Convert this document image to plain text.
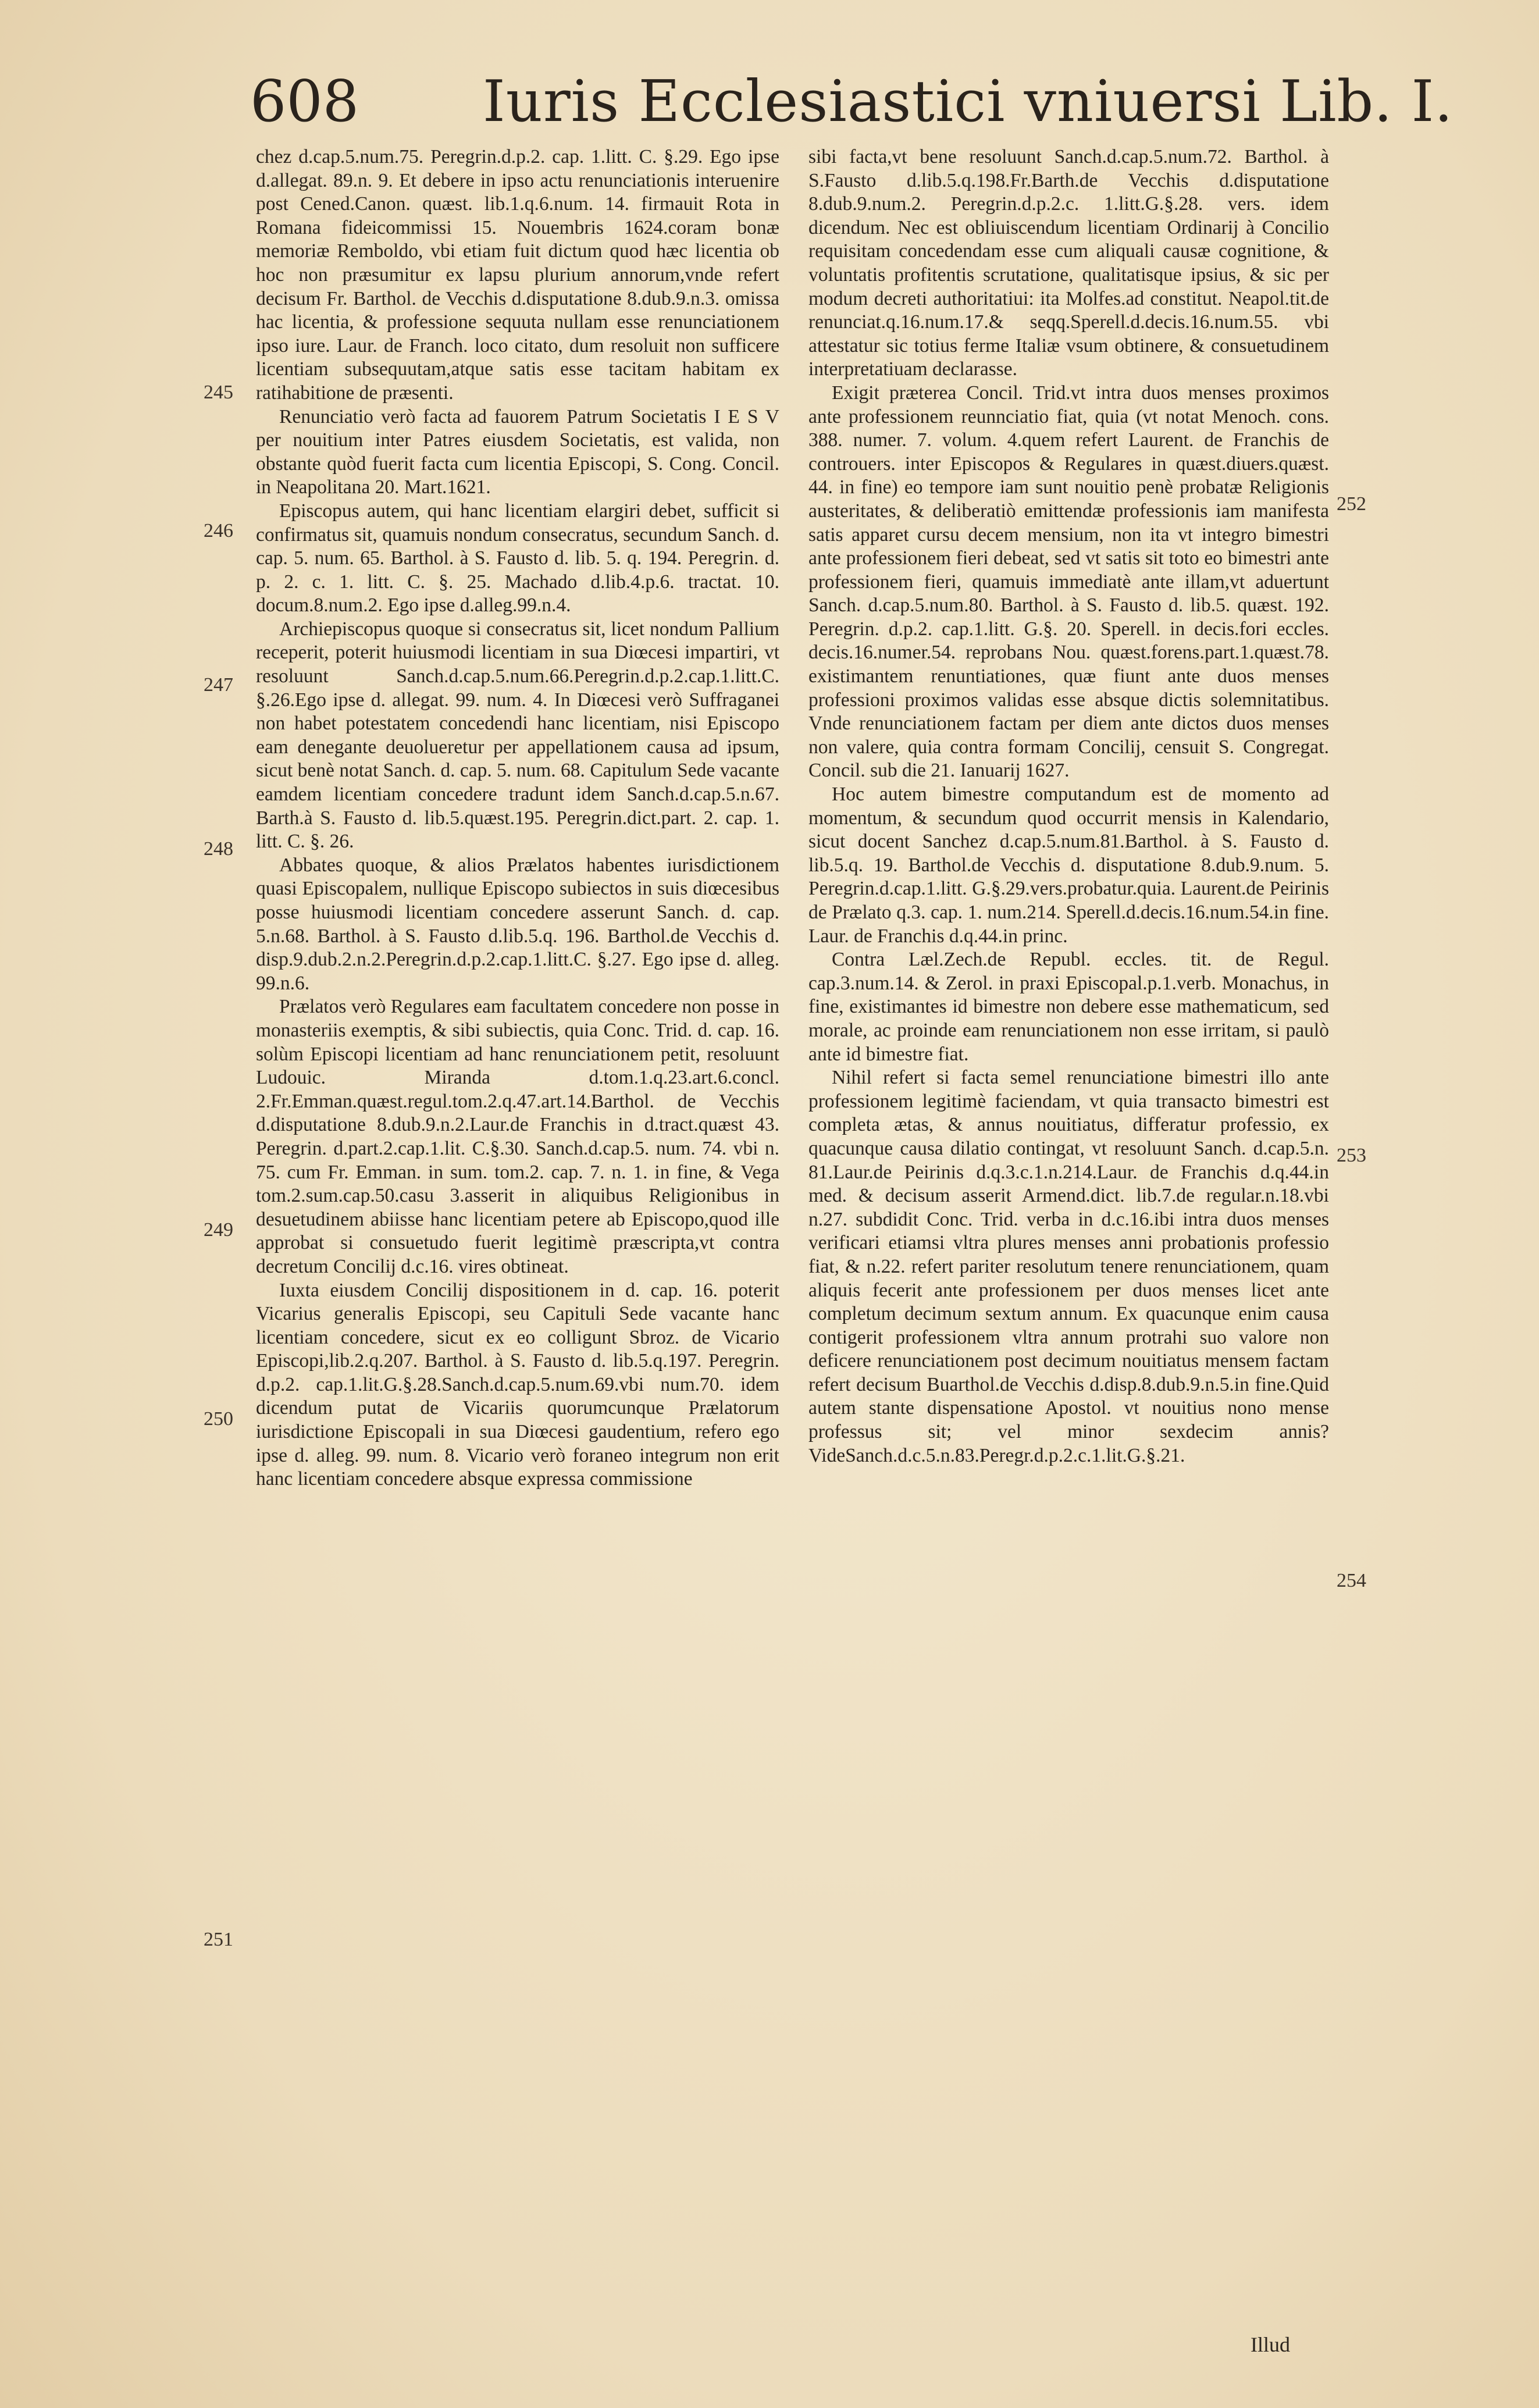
608 Iuris Ecclesiastici vniuersi Lib. I.

chez d.cap.5.num.75. Peregrin.d.p.2. cap. 1.litt. C. §.29. Ego ipse d.allegat. 89.n. 9. Et debere in ipso actu renunciationis interuenire post Cened.Canon. quæst. lib.1.q.6.num. 14. firmauit Rota in Romana fideicommissi 15. Nouembris 1624.coram bonæ memoriæ Remboldo, vbi etiam fuit dictum quod hæc licentia ob hoc non præsumitur ex lapsu plurium annorum,vnde refert decisum Fr. Barthol. de Vecchis d.disputatione 8.dub.9.n.3. omissa hac licentia, & professione sequuta nullam esse renunciationem ipso iure. Laur. de Franch. loco citato, dum resoluit non sufficere licentiam subsequutam,atque satis esse tacitam habitam ex ratihabitione de præsenti.

Renunciatio verò facta ad fauorem Patrum Societatis I E S V per nouitium inter Patres eiusdem Societatis, est valida, non obstante quòd fuerit facta cum licentia Episcopi, S. Cong. Concil. in Neapolitana 20. Mart.1621.

Episcopus autem, qui hanc licentiam elargiri debet, sufficit si confirmatus sit, quamuis nondum consecratus, secundum Sanch. d. cap. 5. num. 65. Barthol. à S. Fausto d. lib. 5. q. 194. Peregrin. d. p. 2. c. 1. litt. C. §. 25. Machado d.lib.4.p.6. tractat. 10. docum.8.num.2. Ego ipse d.alleg.99.n.4.

Archiepiscopus quoque si consecratus sit, licet nondum Pallium receperit, poterit huiusmodi licentiam in sua Diœcesi impartiri, vt resoluunt Sanch.d.cap.5.num.66.Peregrin.d.p.2.cap.1.litt.C. §.26.Ego ipse d. allegat. 99. num. 4. In Diœcesi verò Suffraganei non habet potestatem concedendi hanc licentiam, nisi Episcopo eam denegante deuolueretur per appellationem causa ad ipsum, sicut benè notat Sanch. d. cap. 5. num. 68. Capitulum Sede vacante eamdem licentiam concedere tradunt idem Sanch.d.cap.5.n.67. Barth.à S. Fausto d. lib.5.quæst.195. Peregrin.dict.part. 2. cap. 1. litt. C. §. 26.

Abbates quoque, & alios Prælatos habentes iurisdictionem quasi Episcopalem, nullique Episcopo subiectos in suis diœcesibus posse huiusmodi licentiam concedere asserunt Sanch. d. cap. 5.n.68. Barthol. à S. Fausto d.lib.5.q. 196. Barthol.de Vecchis d. disp.9.dub.2.n.2.Peregrin.d.p.2.cap.1.litt.C. §.27. Ego ipse d. alleg. 99.n.6.

Prælatos verò Regulares eam facultatem concedere non posse in monasteriis exemptis, & sibi subiectis, quia Conc. Trid. d. cap. 16. solùm Episcopi licentiam ad hanc renunciationem petit, resoluunt Ludouic. Miranda d.tom.1.q.23.art.6.concl. 2.Fr.Emman.quæst.regul.tom.2.q.47.art.14.Barthol. de Vecchis d.disputatione 8.dub.9.n.2.Laur.de Franchis in d.tract.quæst 43. Peregrin. d.part.2.cap.1.lit. C.§.30. Sanch.d.cap.5. num. 74. vbi n. 75. cum Fr. Emman. in sum. tom.2. cap. 7. n. 1. in fine, & Vega tom.2.sum.cap.50.casu 3.asserit in aliquibus Religionibus in desuetudinem abiisse hanc licentiam petere ab Episcopo,quod ille approbat si consuetudo fuerit legitimè præscripta,vt contra decretum Concilij d.c.16. vires obtineat.

Iuxta eiusdem Concilij dispositionem in d. cap. 16. poterit Vicarius generalis Episcopi, seu Capituli Sede vacante hanc licentiam concedere, sicut ex eo colligunt Sbroz. de Vicario Episcopi,lib.2.q.207. Barthol. à S. Fausto d. lib.5.q.197. Peregrin. d.p.2. cap.1.lit.G.§.28.Sanch.d.cap.5.num.69.vbi num.70. idem dicendum putat de Vicariis quorumcunque Prælatorum iurisdictione Episcopali in sua Diœcesi gaudentium, refero ego ipse d. alleg. 99. num. 8. Vicario verò foraneo integrum non erit hanc licentiam concedere absque expressa commissione

sibi facta,vt bene resoluunt Sanch.d.cap.5.num.72. Barthol. à S.Fausto d.lib.5.q.198.Fr.Barth.de Vecchis d.disputatione 8.dub.9.num.2. Peregrin.d.p.2.c. 1.litt.G.§.28. vers. idem dicendum. Nec est obliuiscendum licentiam Ordinarij à Concilio requisitam concedendam esse cum aliquali causæ cognitione, & voluntatis profitentis scrutatione, qualitatisque ipsius, & sic per modum decreti authoritatiui: ita Molfes.ad constitut. Neapol.tit.de renunciat.q.16.num.17.& seqq.Sperell.d.decis.16.num.55. vbi attestatur sic totius ferme Italiæ vsum obtinere, & consuetudinem interpretatiuam declarasse.

Exigit præterea Concil. Trid.vt intra duos menses proximos ante professionem reunnciatio fiat, quia (vt notat Menoch. cons. 388. numer. 7. volum. 4.quem refert Laurent. de Franchis de controuers. inter Episcopos & Regulares in quæst.diuers.quæst. 44. in fine) eo tempore iam sunt nouitio penè probatæ Religionis austeritates, & deliberatiò emittendæ professionis iam manifesta satis apparet cursu decem mensium, non ita vt integro bimestri ante professionem fieri debeat, sed vt satis sit toto eo bimestri ante professionem fieri, quamuis immediatè ante illam,vt aduertunt Sanch. d.cap.5.num.80. Barthol. à S. Fausto d. lib.5. quæst. 192. Peregrin. d.p.2. cap.1.litt. G.§. 20. Sperell. in decis.fori eccles. decis.16.numer.54. reprobans Nou. quæst.forens.part.1.quæst.78. existimantem renuntiationes, quæ fiunt ante duos menses professioni proximos validas esse absque dictis solemnitatibus. Vnde renunciationem factam per diem ante dictos duos menses non valere, quia contra formam Concilij, censuit S. Congregat. Concil. sub die 21. Ianuarij 1627.

Hoc autem bimestre computandum est de momento ad momentum, & secundum quod occurrit mensis in Kalendario, sicut docent Sanchez d.cap.5.num.81.Barthol. à S. Fausto d. lib.5.q. 19. Barthol.de Vecchis d. disputatione 8.dub.9.num. 5. Peregrin.d.cap.1.litt. G.§.29.vers.probatur.quia. Laurent.de Peirinis de Prælato q.3. cap. 1. num.214. Sperell.d.decis.16.num.54.in fine. Laur. de Franchis d.q.44.in princ.

Contra Læl.Zech.de Republ. eccles. tit. de Regul. cap.3.num.14. & Zerol. in praxi Episcopal.p.1.verb. Monachus, in fine, existimantes id bimestre non debere esse mathematicum, sed morale, ac proinde eam renunciationem non esse irritam, si paulò ante id bimestre fiat.

Nihil refert si facta semel renunciatione bimestri illo ante professionem legitimè faciendam, vt quia transacto bimestri est completa ætas, & annus nouitiatus, differatur professio, ex quacunque causa dilatio contingat, vt resoluunt Sanch. d.cap.5.n. 81.Laur.de Peirinis d.q.3.c.1.n.214.Laur. de Franchis d.q.44.in med. & decisum asserit Armend.dict. lib.7.de regular.n.18.vbi n.27. subdidit Conc. Trid. verba in d.c.16.ibi intra duos menses verificari etiamsi vltra plures menses anni probationis professio fiat, & n.22. refert pariter resolutum tenere renunciationem, quam aliquis fecerit ante professionem per duos menses licet ante completum decimum sextum annum. Ex quacunque enim causa contigerit professionem vltra annum protrahi suo valore non deficere renunciationem post decimum nouitiatus mensem factam refert decisum Buarthol.de Vecchis d.disp.8.dub.9.n.5.in fine.Quid autem stante dispensatione Apostol. vt nouitius nono mense professus sit; vel minor sexdecim annis? VideSanch.d.c.5.n.83.Peregr.d.p.2.c.1.lit.G.§.21.

245
246
247
248
249
250
251
252
253
254
Illud
